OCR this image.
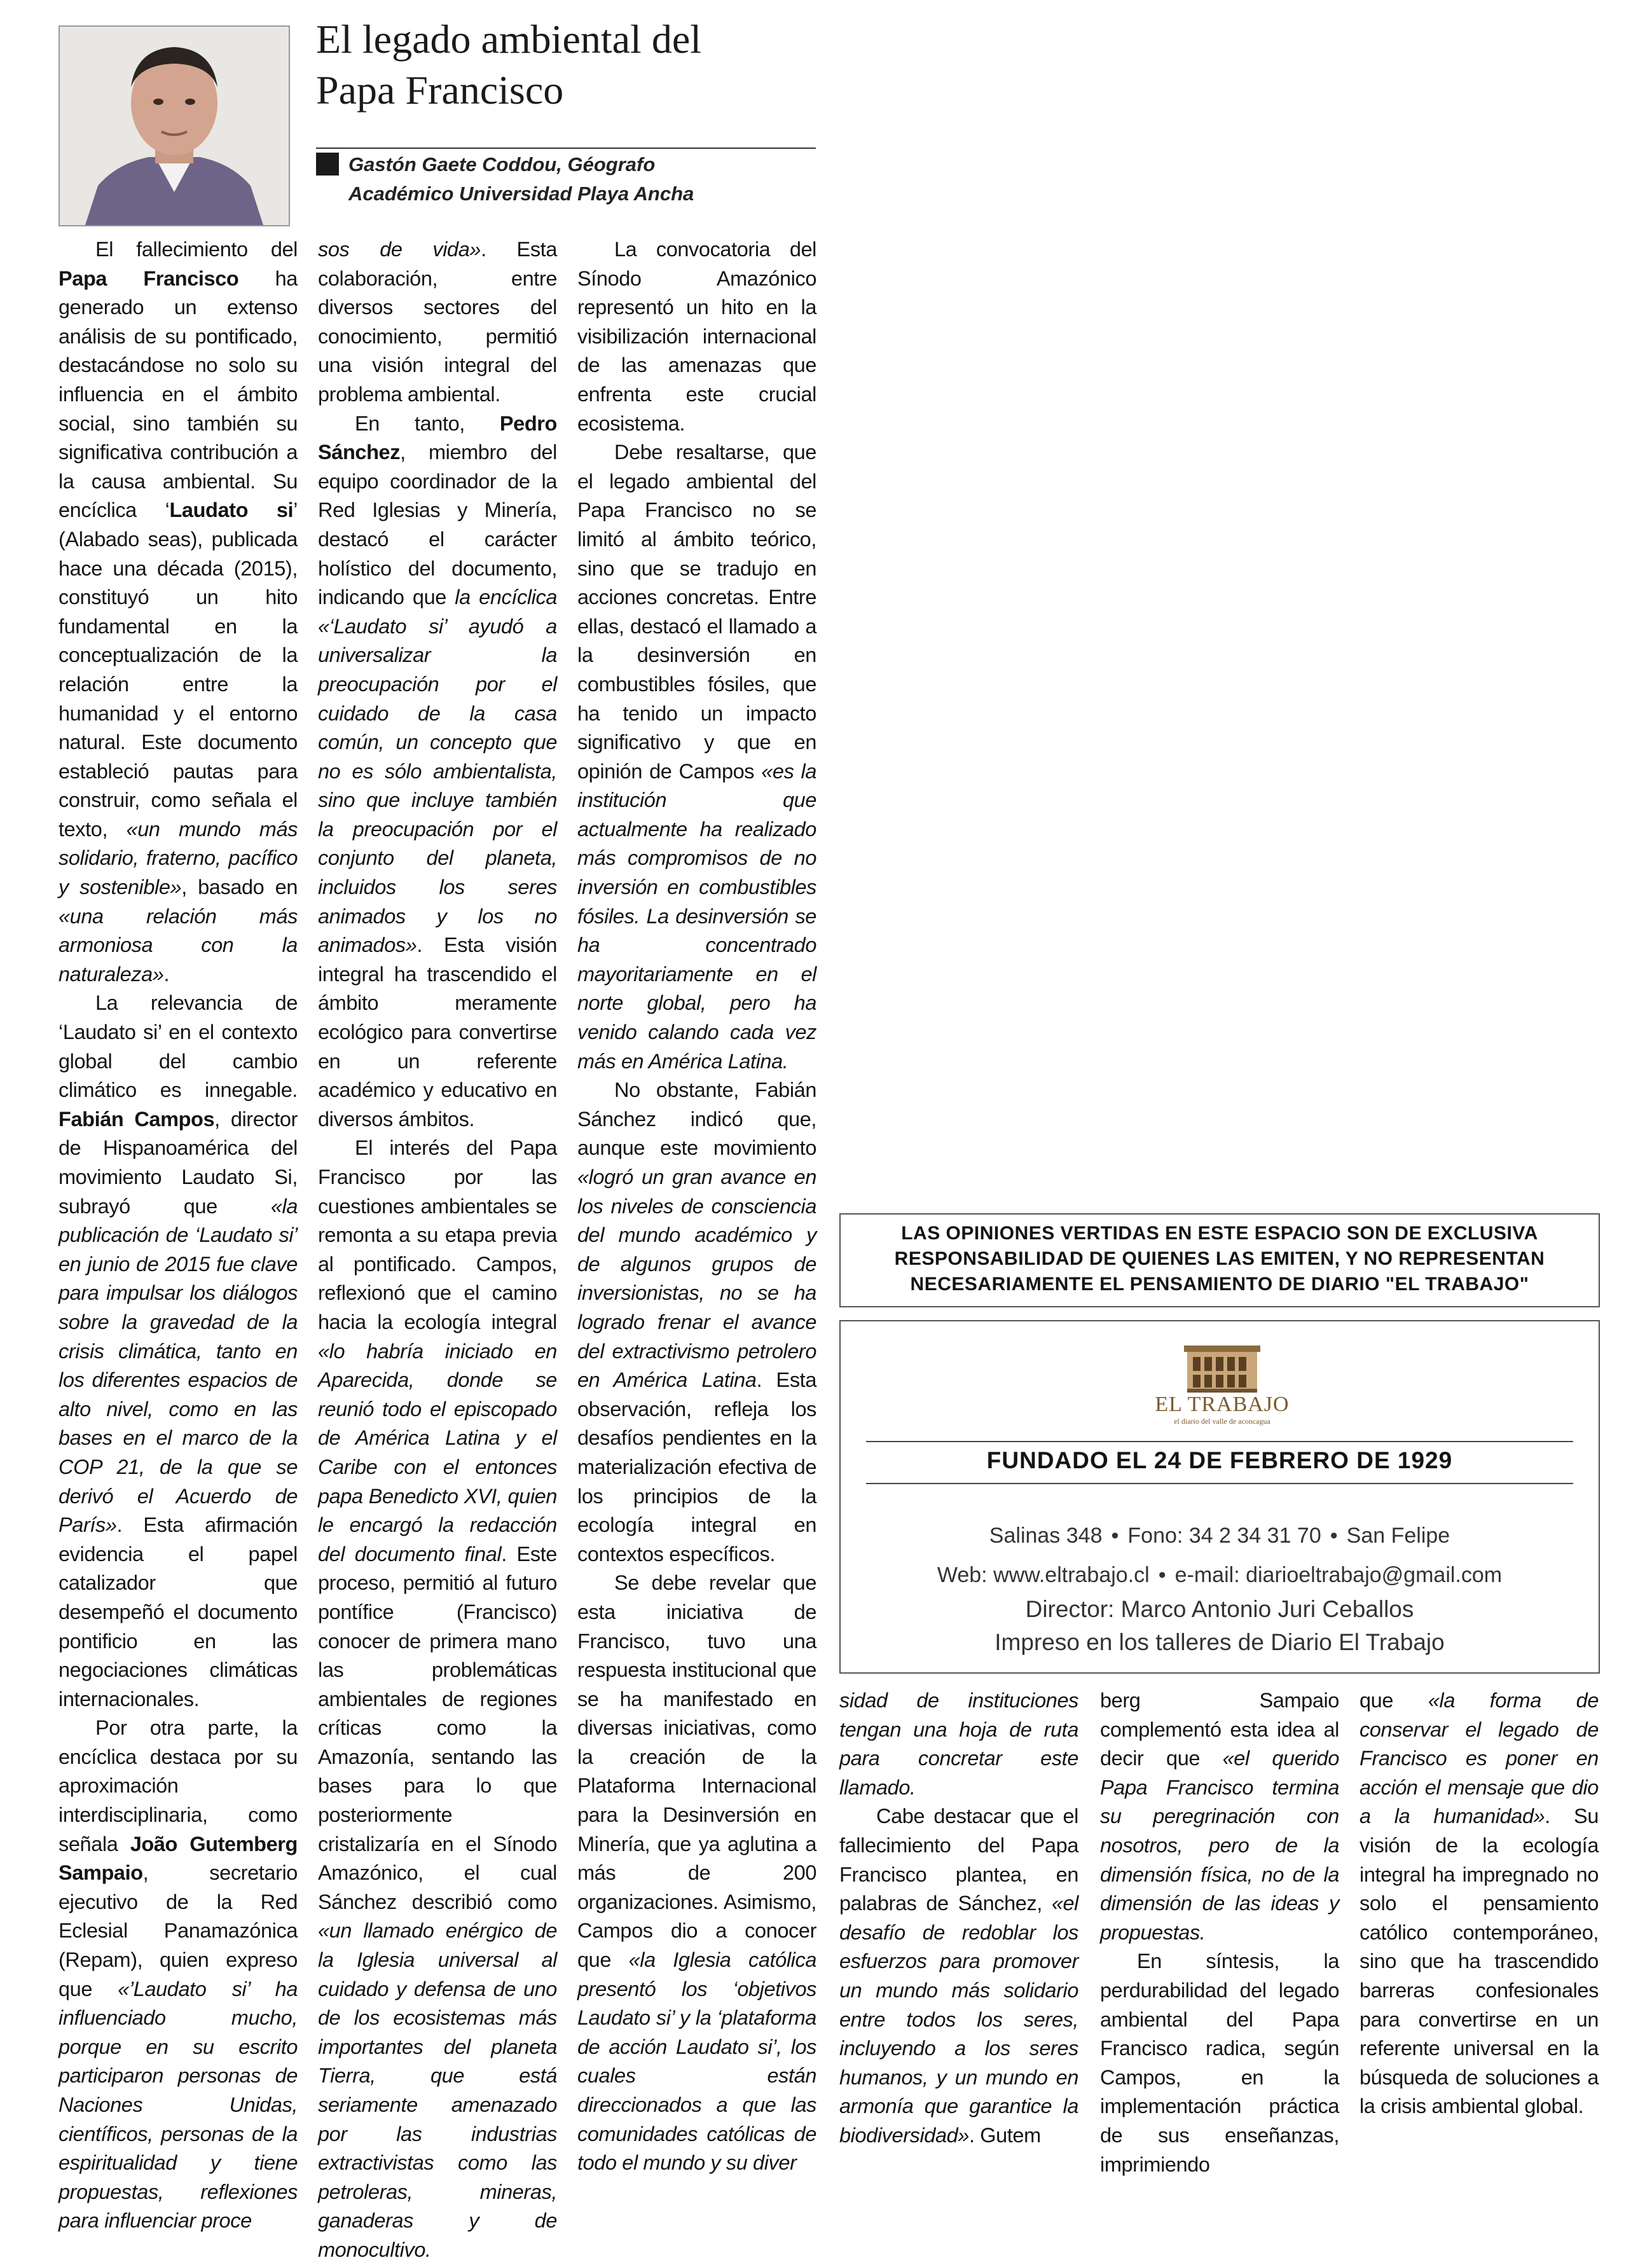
El legado ambiental del
Papa Francisco
Gastón Gaete Coddou, Géografo
Académico Universidad Playa Ancha

El fallecimiento del Papa Francisco ha generado un extenso análisis de su pontificado, destacándose no solo su influencia en el ámbito social, sino también su significativa contribución a la causa ambiental. Su encíclica ‘Laudato si’ (Alabado seas), publicada hace una década (2015), constituyó un hito fundamental en la conceptualización de la relación entre la humanidad y el entorno natural. Este documento estableció pautas para construir, como señala el texto, «un mundo más solidario, fraterno, pacífico y sostenible», basado en «una relación más armoniosa con la naturaleza».

La relevancia de ‘Laudato si’ en el contexto global del cambio climático es innegable. Fabián Campos, director de Hispanoamérica del movimiento Laudato Si, subrayó que «la publicación de ‘Laudato si’ en junio de 2015 fue clave para impulsar los diálogos sobre la gravedad de la crisis climática, tanto en los diferentes espacios de alto nivel, como en las bases en el marco de la COP 21, de la que se derivó el Acuerdo de París». Esta afirmación evidencia el papel catalizador que desempeñó el documento pontificio en las negociaciones climáticas internacionales.

Por otra parte, la encíclica destaca por su aproximación interdisciplinaria, como señala João Gutemberg Sampaio, secretario ejecutivo de la Red Eclesial Panamazónica (Repam), quien expreso que «’Laudato si’ ha influenciado mucho, porque en su escrito participaron personas de Naciones Unidas, científicos, personas de la espiritualidad y tiene propuestas, reflexiones para influenciar proce

sos de vida». Esta colaboración, entre diversos sectores del conocimiento, permitió una visión integral del problema ambiental.

En tanto, Pedro Sánchez, miembro del equipo coordinador de la Red Iglesias y Minería, destacó el carácter holístico del documento, indicando que la encíclica «‘Laudato si’ ayudó a universalizar la preocupación por el cuidado de la casa común, un concepto que no es sólo ambientalista, sino que incluye también la preocupación por el conjunto del planeta, incluidos los seres animados y los no animados». Esta visión integral ha trascendido el ámbito meramente ecológico para convertirse en un referente académico y educativo en diversos ámbitos.

El interés del Papa Francisco por las cuestiones ambientales se remonta a su etapa previa al pontificado. Campos, reflexionó que el camino hacia la ecología integral «lo habría iniciado en Aparecida, donde se reunió todo el episcopado de América Latina y el Caribe con el entonces papa Benedicto XVI, quien le encargó la redacción del documento final. Este proceso, permitió al futuro pontífice (Francisco) conocer de primera mano las problemáticas ambientales de regiones críticas como la Amazonía, sentando las bases para lo que posteriormente cristalizaría en el Sínodo Amazónico, el cual Sánchez describió como «un llamado enérgico de la Iglesia universal al cuidado y defensa de uno de los ecosistemas más importantes del planeta Tierra, que está seriamente amenazado por las industrias extractivistas como las petroleras, mineras, ganaderas y de monocultivo.

La convocatoria del Sínodo Amazónico representó un hito en la visibilización internacional de las amenazas que enfrenta este crucial ecosistema.

Debe resaltarse, que el legado ambiental del Papa Francisco no se limitó al ámbito teórico, sino que se tradujo en acciones concretas. Entre ellas, destacó el llamado a la desinversión en combustibles fósiles, que ha tenido un impacto significativo y que en opinión de Campos «es la institución que actualmente ha realizado más compromisos de no inversión en combustibles fósiles. La desinversión se ha concentrado mayoritariamente en el norte global, pero ha venido calando cada vez más en América Latina.

No obstante, Fabián Sánchez indicó que, aunque este movimiento «logró un gran avance en los niveles de consciencia del mundo académico y de algunos grupos de inversionistas, no se ha logrado frenar el avance del extractivismo petrolero en América Latina. Esta observación, refleja los desafíos pendientes en la materialización efectiva de los principios de la ecología integral en contextos específicos.

Se debe revelar que esta iniciativa de Francisco, tuvo una respuesta institucional que se ha manifestado en diversas iniciativas, como la creación de la Plataforma Internacional para la Desinversión en Minería, que ya aglutina a más de 200 organizaciones. Asimismo, Campos dio a conocer que «la Iglesia católica presentó los ‘objetivos Laudato si’ y la ‘plataforma de acción Laudato si’, los cuales están direccionados a que las comunidades católicas de todo el mundo y su diver

LAS OPINIONES VERTIDAS EN ESTE ESPACIO SON DE EXCLUSIVA
RESPONSABILIDAD DE QUIENES LAS EMITEN, Y NO REPRESENTAN
NECESARIAMENTE EL PENSAMIENTO DE DIARIO "EL TRABAJO"
EL TRABAJO
el diario del valle de aconcagua
FUNDADO EL 24 DE FEBRERO DE 1929
Salinas 348 • Fono: 34 2 34 31 70 • San Felipe
Web: www.eltrabajo.cl • e-mail: diarioeltrabajo@gmail.com
Director: Marco Antonio Juri Ceballos
Impreso en los talleres de Diario El Trabajo

sidad de instituciones tengan una hoja de ruta para concretar este llamado.

Cabe destacar que el fallecimiento del Papa Francisco plantea, en palabras de Sánchez, «el desafío de redoblar los esfuerzos para promover un mundo más solidario entre todos los seres, incluyendo a los seres humanos, y un mundo en armonía que garantice la biodiversidad». Gutem

berg Sampaio complementó esta idea al decir que «el querido Papa Francisco termina su peregrinación con nosotros, pero de la dimensión física, no de la dimensión de las ideas y propuestas.

En síntesis, la perdurabilidad del legado ambiental del Papa Francisco radica, según Campos, en la implementación práctica de sus enseñanzas, imprimiendo

que «la forma de conservar el legado de Francisco es poner en acción el mensaje que dio a la humanidad». Su visión de la ecología integral ha impregnado no solo el pensamiento católico contemporáneo, sino que ha trascendido barreras confesionales para convertirse en un referente universal en la búsqueda de soluciones a la crisis ambiental global.
